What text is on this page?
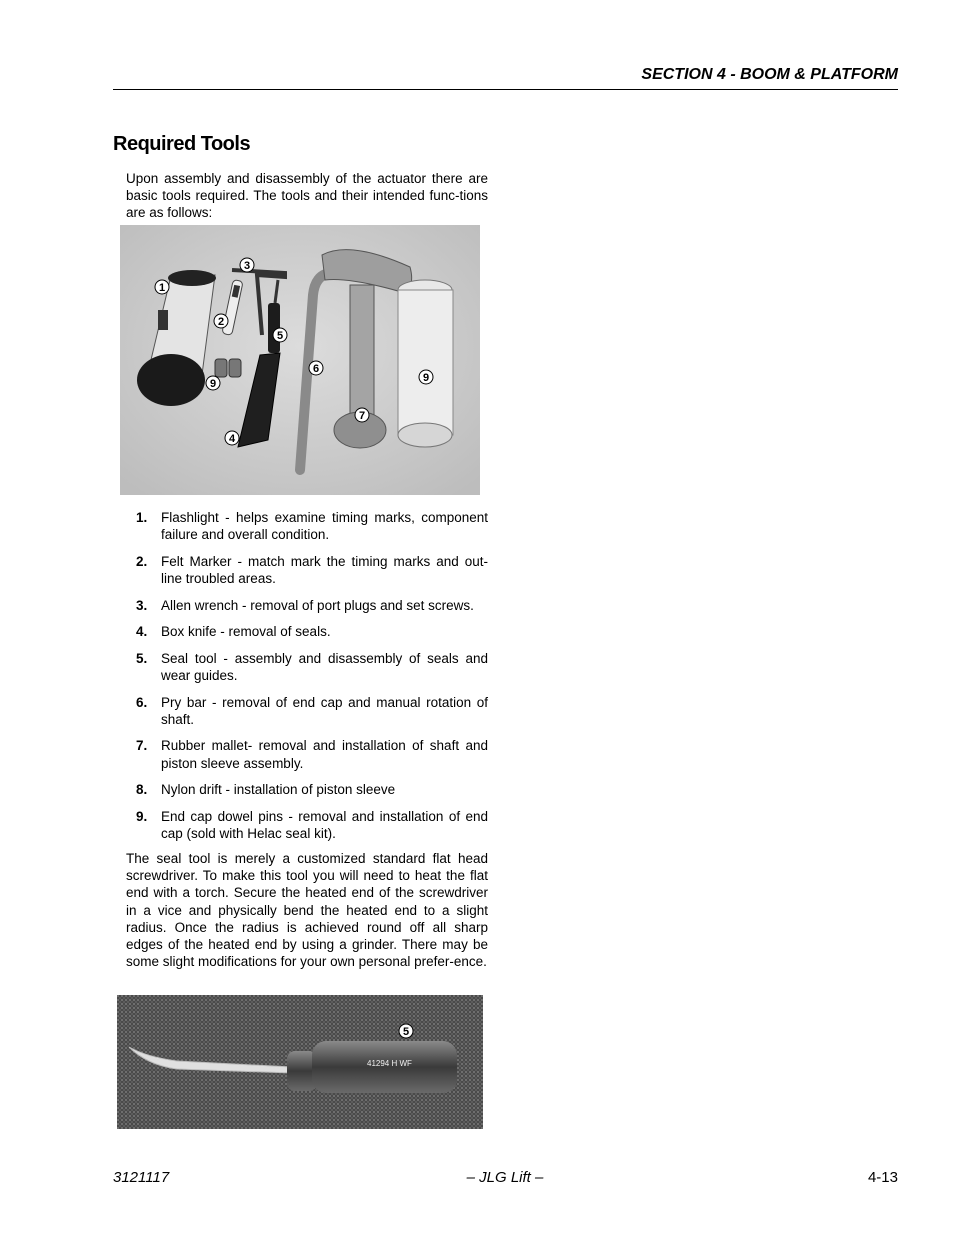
SECTION 4 - BOOM & PLATFORM
Required Tools

Upon assembly and disassembly of the actuator there are basic tools required. The tools and their intended func-tions are as follows:

1
2
3
5
6
9	9
4
7
1. Flashlight - helps examine timing marks, component failure and overall condition.
2. Felt Marker - match mark the timing marks and out-line troubled areas.
3. Allen wrench - removal of port plugs and set screws.
4. Box knife - removal of seals.
5. Seal tool - assembly and disassembly of seals and wear guides.
6. Pry bar - removal of end cap and manual rotation of shaft.
7. Rubber mallet- removal and installation of shaft and piston sleeve assembly.
8. Nylon drift - installation of piston sleeve
9. End cap dowel pins - removal and installation of end cap (sold with Helac seal kit).

The seal tool is merely a customized standard flat head screwdriver. To make this tool you will need to heat the flat end with a torch. Secure the heated end of the screwdriver in a vice and physically bend the heated end to a slight radius. Once the radius is achieved round off all sharp edges of the heated end by using a grinder. There may be some slight modifications for your own personal prefer-ence.

41294 H WF
5
3121117	– JLG Lift –	4-13
